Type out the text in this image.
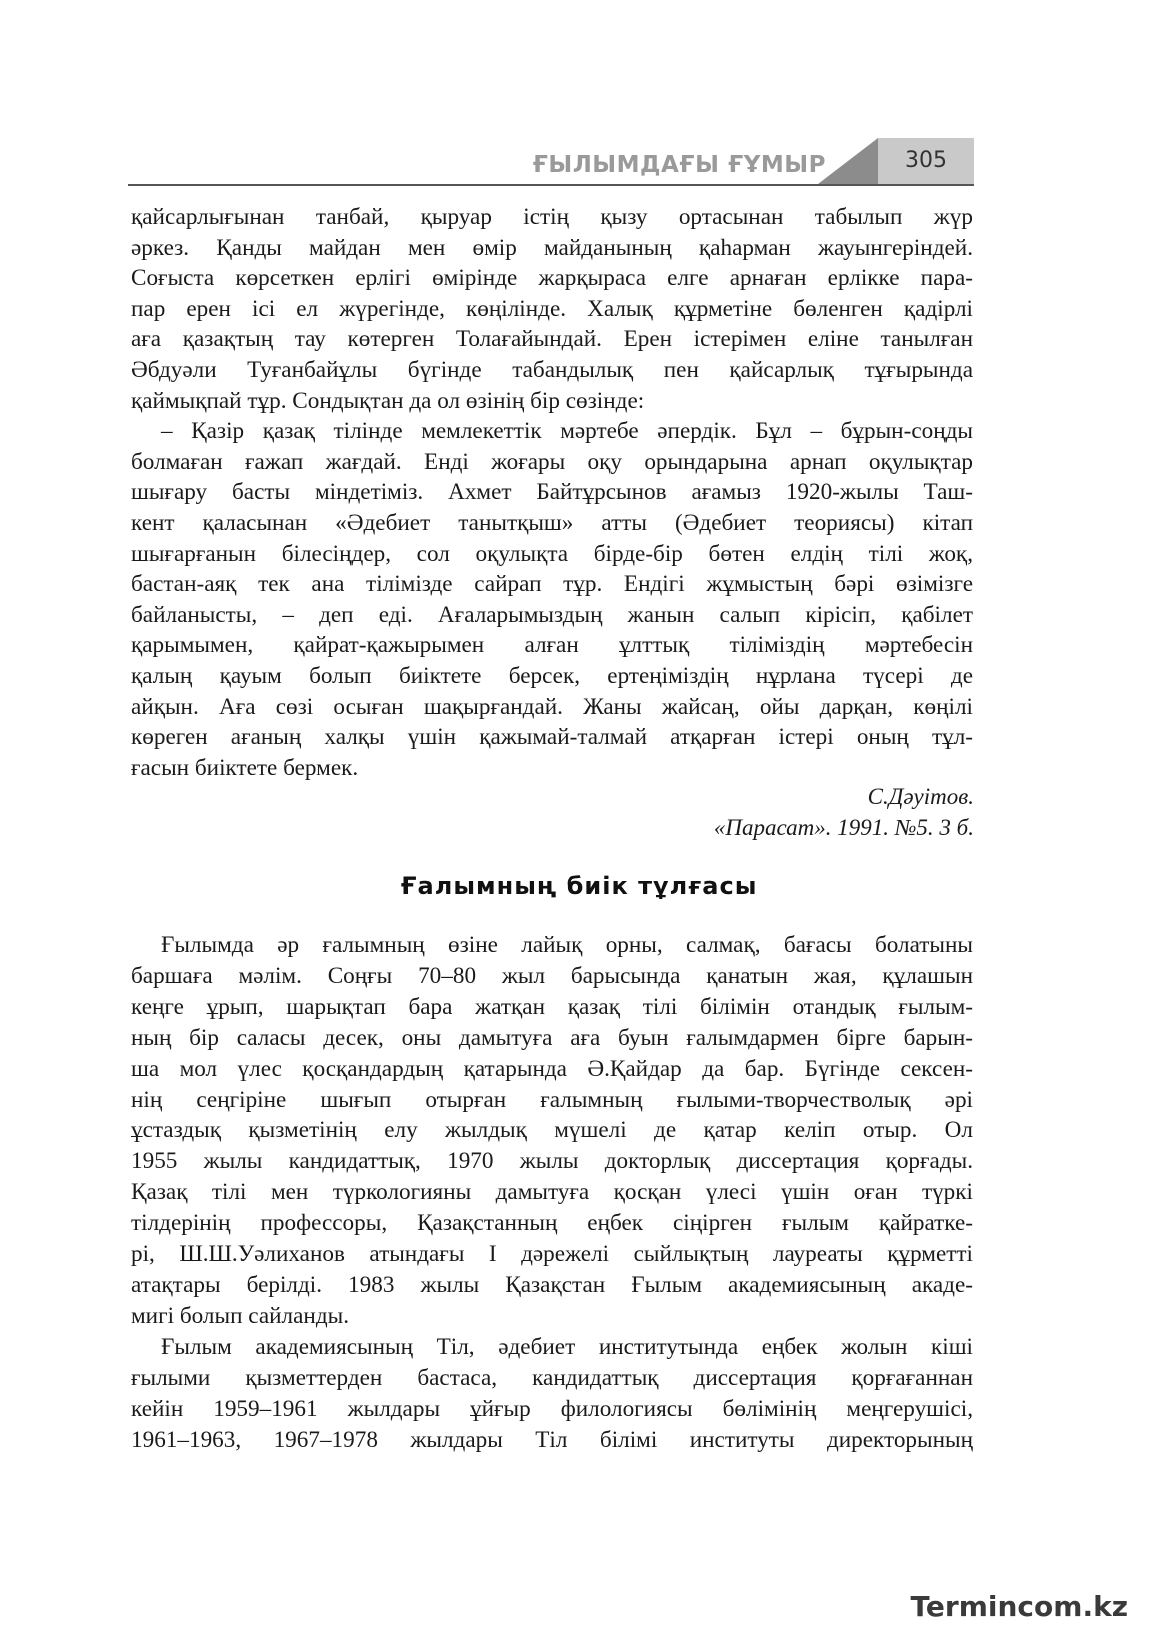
ҒЫЛЫМДАҒЫ ҒҰМЫР	305
қайсарлығынан танбай, қыруар істің қызу ортасынан табылып жүр
әркез. Қанды майдан мен өмір майданының қаһарман жауынгеріндей.
Соғыста көрсеткен ерлігі өмірінде жарқыраса елге арнаған ерлікке пара-
пар ерен ісі ел жүрегінде, көңілінде. Халық құрметіне бөленген қадірлі
аға қазақтың тау көтерген Толағайындай. Ерен істерімен еліне танылған
Әбдуәли Туғанбайұлы бүгінде табандылық пен қайсарлық тұғырында
қаймықпай тұр. Сондықтан да ол өзінің бір сөзінде:
– Қазір қазақ тілінде мемлекеттік мәртебе әпердік. Бұл – бұрын-соңды
болмаған ғажап жағдай. Енді жоғары оқу орындарына арнап оқулықтар
шығару басты міндетіміз. Ахмет Байтұрсынов ағамыз 1920-жылы Таш-
кент қаласынан «Әдебиет танытқыш» атты (Әдебиет теориясы) кітап
шығарғанын білесіңдер, сол оқулықта бірде-бір бөтен елдің тілі жоқ,
бастан-аяқ тек ана тілімізде сайрап тұр. Ендігі жұмыстың бәрі өзімізге
байланысты, – деп еді. Ағаларымыздың жанын салып кірісіп, қабілет
қарымымен, қайрат-қажырымен алған ұлттық тіліміздің мәртебесін
қалың қауым болып биіктете берсек, ертеңіміздің нұрлана түсері де
айқын. Аға сөзі осыған шақырғандай. Жаны жайсаң, ойы дарқан, көңілі
көреген ағаның халқы үшін қажымай-талмай атқарған істері оның тұл-
ғасын биіктете бермек.
С.Дәуітов.
«Парасат». 1991. №5. 3 б.
Ғалымның биік тұлғасы
Ғылымда әр ғалымның өзіне лайық орны, салмақ, бағасы болатыны
баршаға мәлім. Соңғы 70–80 жыл барысында қанатын жая, құлашын
кеңге ұрып, шарықтап бара жатқан қазақ тілі білімін отандық ғылым-
ның бір саласы десек, оны дамытуға аға буын ғалымдармен бірге барын-
ша мол үлес қосқандардың қатарында Ә.Қайдар да бар. Бүгінде сексен-
нің сеңгіріне шығып отырған ғалымның ғылыми-творчестволық әрі
ұстаздық қызметінің елу жылдық мүшелі де қатар келіп отыр. Ол
1955 жылы кандидаттық, 1970 жылы докторлық диссертация қорғады.
Қазақ тілі мен түркологияны дамытуға қосқан үлесі үшін оған түркі
тілдерінің профессоры, Қазақстанның еңбек сіңірген ғылым қайратке-
рі, Ш.Ш.Уәлиханов атындағы І дәрежелі сыйлықтың лауреаты құрметті
атақтары берілді. 1983 жылы Қазақстан Ғылым академиясының акаде-
мигі болып сайланды.
Ғылым академиясының Тіл, әдебиет институтында еңбек жолын кіші
ғылыми қызметтерден бастаса, кандидаттық диссертация қорғағаннан
кейін 1959–1961 жылдары ұйғыр филологиясы бөлімінің меңгерушісі,
1961–1963, 1967–1978 жылдары Тіл білімі институты директорының
Termincom.kz
